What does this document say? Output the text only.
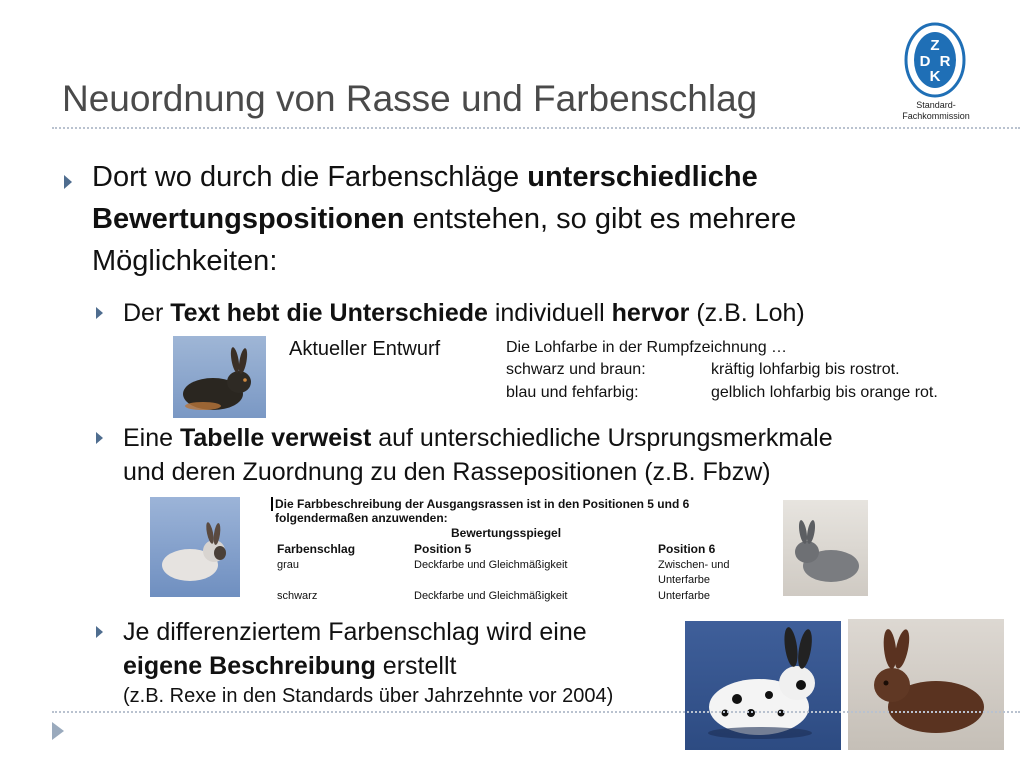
Neuordnung von Rasse und Farbenschlag
Z
D R
K
Standard-
Fachkommission
Dort wo durch die Farbenschläge unterschiedliche
Bewertungspositionen entstehen, so gibt es mehrere
Möglichkeiten:
Der Text hebt die Unterschiede individuell hervor (z.B. Loh)
Aktueller Entwurf	Die Lohfarbe in der Rumpfzeichnung …
schwarz und braun:	kräftig lohfarbig bis rostrot.
blau und fehfarbig:	gelblich lohfarbig bis orange rot.
Eine Tabelle verweist auf unterschiedliche Ursprungsmerkmale
und deren Zuordnung zu den Rassepositionen (z.B. Fbzw)
Die Farbbeschreibung der Ausgangsrassen ist in den Positionen 5 und 6
folgendermaßen anzuwenden:
Bewertungsspiegel
Farbenschlag	Position 5	Position 6
grau	Deckfarbe und Gleichmäßigkeit	Zwischen- und
Unterfarbe
schwarz	Deckfarbe und Gleichmäßigkeit	Unterfarbe
Je differenziertem Farbenschlag wird eine
eigene Beschreibung erstellt
(z.B. Rexe in den Standards über Jahrzehnte vor 2004)
